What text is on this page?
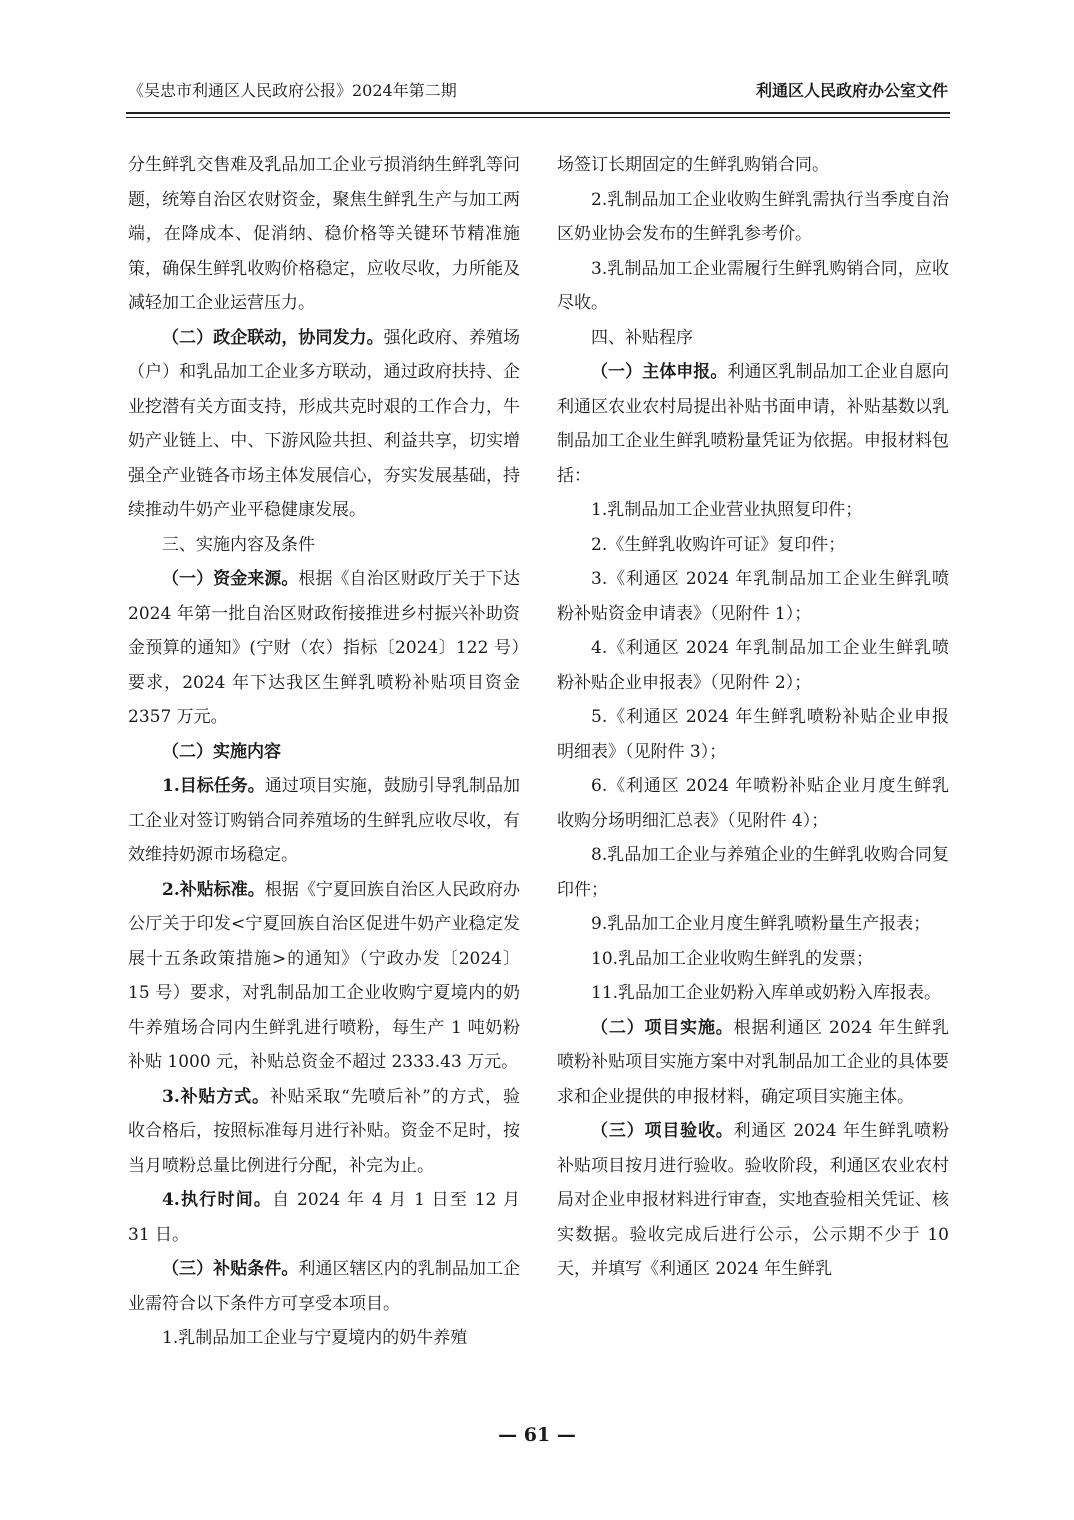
《吴忠市利通区人民政府公报》2024年第二期	利通区人民政府办公室文件

分生鲜乳交售难及乳品加工企业亏损消纳生鲜乳等问题，统筹自治区农财资金，聚焦生鲜乳生产与加工两端，在降成本、促消纳、稳价格等关键环节精准施策，确保生鲜乳收购价格稳定，应收尽收，力所能及减轻加工企业运营压力。

（二）政企联动，协同发力。强化政府、养殖场（户）和乳品加工企业多方联动，通过政府扶持、企业挖潜有关方面支持，形成共克时艰的工作合力，牛奶产业链上、中、下游风险共担、利益共享，切实增强全产业链各市场主体发展信心，夯实发展基础，持续推动牛奶产业平稳健康发展。

三、实施内容及条件

（一）资金来源。根据《自治区财政厅关于下达 2024 年第一批自治区财政衔接推进乡村振兴补助资金预算的通知》(宁财（农）指标〔2024〕122 号）要求，2024 年下达我区生鲜乳喷粉补贴项目资金 2357 万元。

（二）实施内容

1.目标任务。通过项目实施，鼓励引导乳制品加工企业对签订购销合同养殖场的生鲜乳应收尽收，有效维持奶源市场稳定。

2.补贴标准。根据《宁夏回族自治区人民政府办公厅关于印发<宁夏回族自治区促进牛奶产业稳定发展十五条政策措施>的通知》（宁政办发〔2024〕15 号）要求，对乳制品加工企业收购宁夏境内的奶牛养殖场合同内生鲜乳进行喷粉，每生产 1 吨奶粉补贴 1000 元，补贴总资金不超过 2333.43 万元。

3.补贴方式。补贴采取“先喷后补”的方式，验收合格后，按照标准每月进行补贴。资金不足时，按当月喷粉总量比例进行分配，补完为止。

4.执行时间。自 2024 年 4 月 1 日至 12 月 31 日。

（三）补贴条件。利通区辖区内的乳制品加工企业需符合以下条件方可享受本项目。

1.乳制品加工企业与宁夏境内的奶牛养殖

场签订长期固定的生鲜乳购销合同。

2.乳制品加工企业收购生鲜乳需执行当季度自治区奶业协会发布的生鲜乳参考价。

3.乳制品加工企业需履行生鲜乳购销合同，应收尽收。

四、补贴程序

（一）主体申报。利通区乳制品加工企业自愿向利通区农业农村局提出补贴书面申请，补贴基数以乳制品加工企业生鲜乳喷粉量凭证为依据。申报材料包括：

1.乳制品加工企业营业执照复印件；

2.《生鲜乳收购许可证》复印件；

3.《利通区 2024 年乳制品加工企业生鲜乳喷粉补贴资金申请表》（见附件 1）；

4.《利通区 2024 年乳制品加工企业生鲜乳喷粉补贴企业申报表》（见附件 2）；

5.《利通区 2024 年生鲜乳喷粉补贴企业申报明细表》（见附件 3）；

6.《利通区 2024 年喷粉补贴企业月度生鲜乳收购分场明细汇总表》（见附件 4）；

8.乳品加工企业与养殖企业的生鲜乳收购合同复印件；

9.乳品加工企业月度生鲜乳喷粉量生产报表；

10.乳品加工企业收购生鲜乳的发票；

11.乳品加工企业奶粉入库单或奶粉入库报表。

（二）项目实施。根据利通区 2024 年生鲜乳喷粉补贴项目实施方案中对乳制品加工企业的具体要求和企业提供的申报材料，确定项目实施主体。

（三）项目验收。利通区 2024 年生鲜乳喷粉补贴项目按月进行验收。验收阶段，利通区农业农村局对企业申报材料进行审查，实地查验相关凭证、核实数据。验收完成后进行公示，公示期不少于 10 天，并填写《利通区 2024 年生鲜乳

— 61 —
